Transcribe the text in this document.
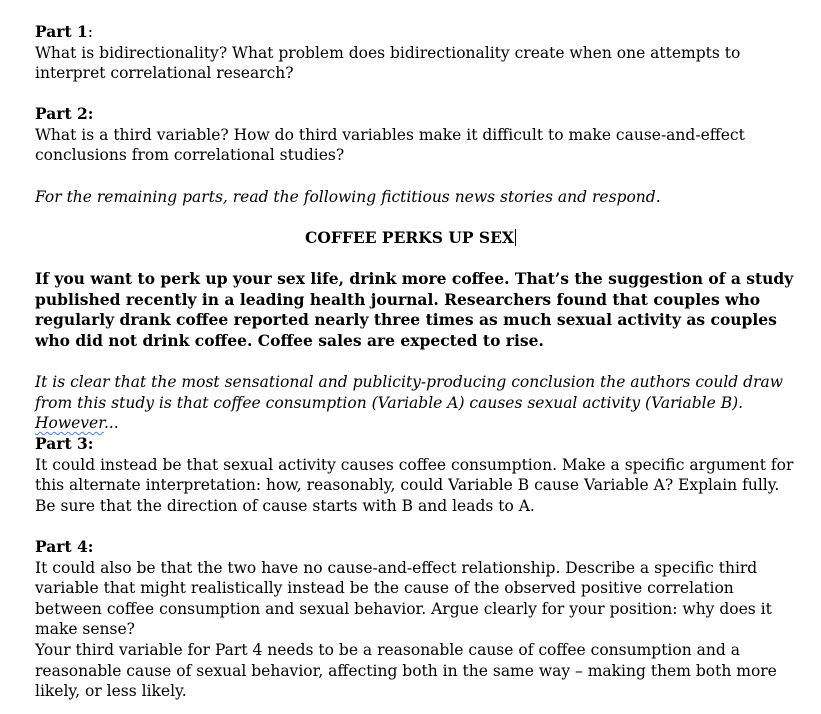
Part 1:
What is bidirectionality? What problem does bidirectionality create when one attempts to interpret correlational research?

Part 2:
What is a third variable? How do third variables make it difficult to make cause-and-effect conclusions from correlational studies?

For the remaining parts, read the following fictitious news stories and respond.

COFFEE PERKS UP SEX

If you want to perk up your sex life, drink more coffee. That’s the suggestion of a study published recently in a leading health journal. Researchers found that couples who regularly drank coffee reported nearly three times as much sexual activity as couples who did not drink coffee. Coffee sales are expected to rise.

It is clear that the most sensational and publicity-producing conclusion the authors could draw from this study is that coffee consumption (Variable A) causes sexual activity (Variable B). However...

Part 3:
It could instead be that sexual activity causes coffee consumption. Make a specific argument for this alternate interpretation: how, reasonably, could Variable B cause Variable A? Explain fully. Be sure that the direction of cause starts with B and leads to A.

Part 4:
It could also be that the two have no cause-and-effect relationship. Describe a specific third variable that might realistically instead be the cause of the observed positive correlation between coffee consumption and sexual behavior. Argue clearly for your position: why does it make sense?

Your third variable for Part 4 needs to be a reasonable cause of coffee consumption and a reasonable cause of sexual behavior, affecting both in the same way – making them both more likely, or less likely.
